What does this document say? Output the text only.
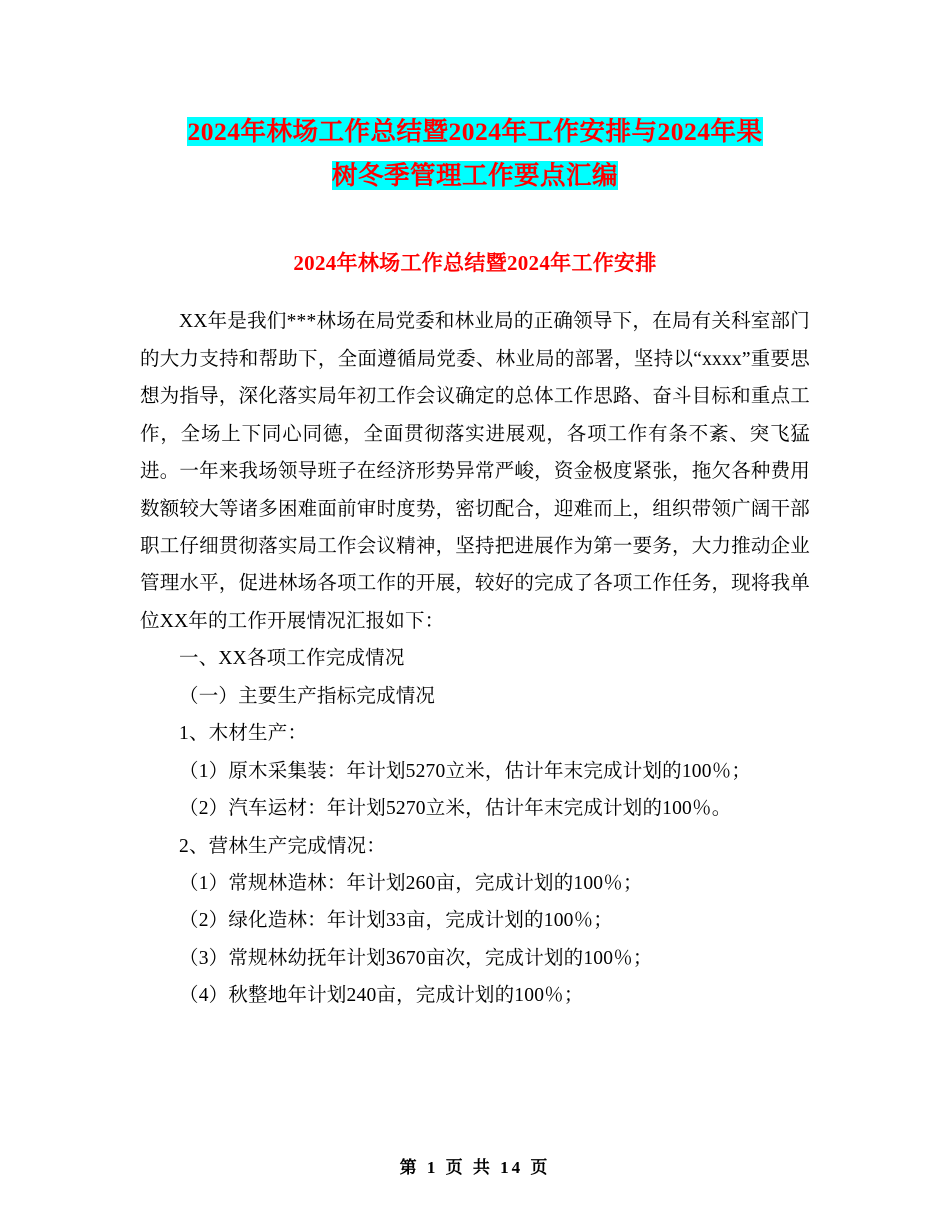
2024年林场工作总结暨2024年工作安排与2024年果
树冬季管理工作要点汇编
2024年林场工作总结暨2024年工作安排

XX年是我们***林场在局党委和林业局的正确领导下，在局有关科室部门的大力支持和帮助下，全面遵循局党委、林业局的部署，坚持以“xxxx”重要思想为指导，深化落实局年初工作会议确定的总体工作思路、奋斗目标和重点工作，全场上下同心同德，全面贯彻落实进展观，各项工作有条不紊、突飞猛进。一年来我场领导班子在经济形势异常严峻，资金极度紧张，拖欠各种费用数额较大等诸多困难面前审时度势，密切配合，迎难而上，组织带领广阔干部职工仔细贯彻落实局工作会议精神，坚持把进展作为第一要务，大力推动企业管理水平，促进林场各项工作的开展，较好的完成了各项工作任务，现将我单位XX年的工作开展情况汇报如下：

一、XX各项工作完成情况

（一）主要生产指标完成情况

1、木材生产：

（1）原木采集装：年计划5270立米，估计年末完成计划的100％；

（2）汽车运材：年计划5270立米，估计年末完成计划的100％。

2、营林生产完成情况：

（1）常规林造林：年计划260亩，完成计划的100％；

（2）绿化造林：年计划33亩，完成计划的100％；

（3）常规林幼抚年计划3670亩次，完成计划的100％；

（4）秋整地年计划240亩，完成计划的100％；

第 1 页 共 14 页
